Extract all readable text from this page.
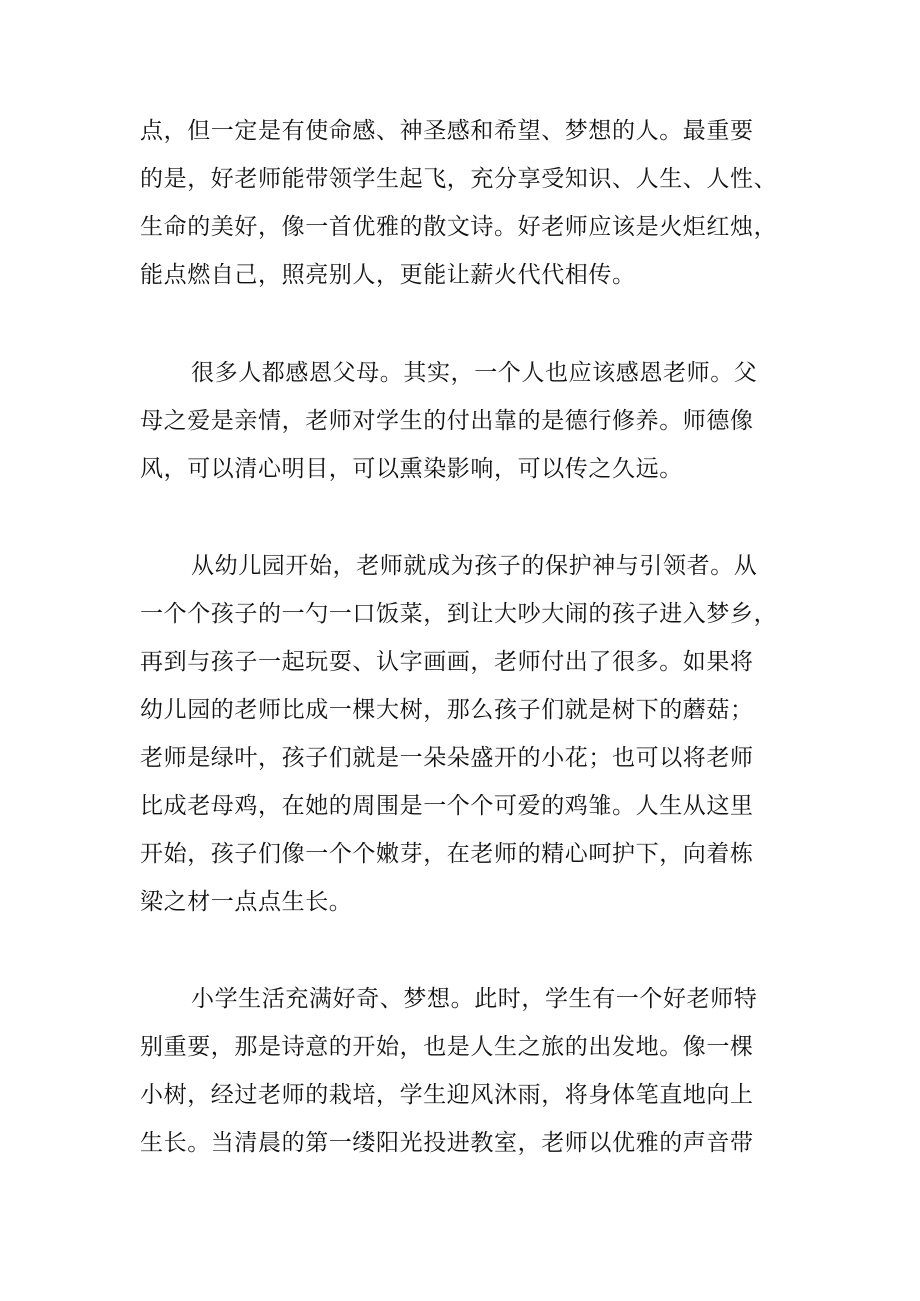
点，但一定是有使命感、神圣感和希望、梦想的人。最重要
的是，好老师能带领学生起飞，充分享受知识、人生、人性、
生命的美好，像一首优雅的散文诗。好老师应该是火炬红烛，
能点燃自己，照亮别人，更能让薪火代代相传。
很多人都感恩父母。其实，一个人也应该感恩老师。父
母之爱是亲情，老师对学生的付出靠的是德行修养。师德像
风，可以清心明目，可以熏染影响，可以传之久远。
从幼儿园开始，老师就成为孩子的保护神与引领者。从
一个个孩子的一勺一口饭菜，到让大吵大闹的孩子进入梦乡，
再到与孩子一起玩耍、认字画画，老师付出了很多。如果将
幼儿园的老师比成一棵大树，那么孩子们就是树下的蘑菇；
老师是绿叶，孩子们就是一朵朵盛开的小花；也可以将老师
比成老母鸡，在她的周围是一个个可爱的鸡雏。人生从这里
开始，孩子们像一个个嫩芽，在老师的精心呵护下，向着栋
梁之材一点点生长。
小学生活充满好奇、梦想。此时，学生有一个好老师特
别重要，那是诗意的开始，也是人生之旅的出发地。像一棵
小树，经过老师的栽培，学生迎风沐雨，将身体笔直地向上
生长。当清晨的第一缕阳光投进教室，老师以优雅的声音带
